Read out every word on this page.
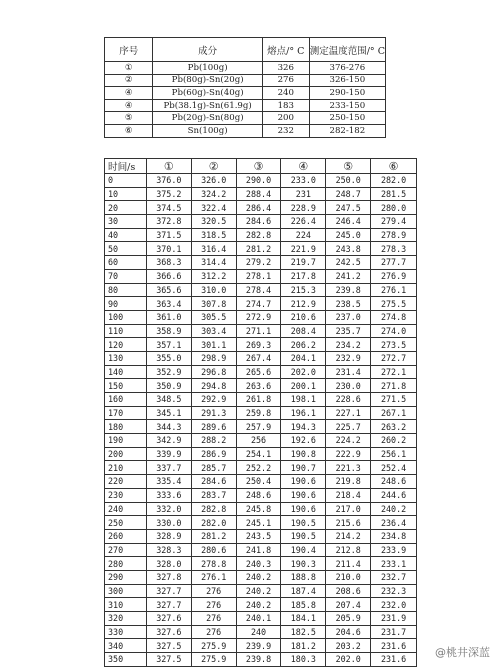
序号	成分	熔点/° C	测定温度范围/° C
①	Pb(100g)	326	376-276
②	Pb(80g)-Sn(20g)	276	326-150
④	Pb(60g)-Sn(40g)	240	290-150
④	Pb(38.1g)-Sn(61.9g)	183	233-150
⑤	Pb(20g)-Sn(80g)	200	250-150
⑥	Sn(100g)	232	282-182
时间/s	①	②	③	④	⑤	⑥
0	376.0	326.0	290.0	233.0	250.0	282.0
10	375.2	324.2	288.4	231	248.7	281.5
20	374.5	322.4	286.4	228.9	247.5	280.0
30	372.8	320.5	284.6	226.4	246.4	279.4
40	371.5	318.5	282.8	224	245.0	278.9
50	370.1	316.4	281.2	221.9	243.8	278.3
60	368.3	314.4	279.2	219.7	242.5	277.7
70	366.6	312.2	278.1	217.8	241.2	276.9
80	365.6	310.0	278.4	215.3	239.8	276.1
90	363.4	307.8	274.7	212.9	238.5	275.5
100	361.0	305.5	272.9	210.6	237.0	274.8
110	358.9	303.4	271.1	208.4	235.7	274.0
120	357.1	301.1	269.3	206.2	234.2	273.5
130	355.0	298.9	267.4	204.1	232.9	272.7
140	352.9	296.8	265.6	202.0	231.4	272.1
150	350.9	294.8	263.6	200.1	230.0	271.8
160	348.5	292.9	261.8	198.1	228.6	271.5
170	345.1	291.3	259.8	196.1	227.1	267.1
180	344.3	289.6	257.9	194.3	225.7	263.2
190	342.9	288.2	256	192.6	224.2	260.2
200	339.9	286.9	254.1	190.8	222.9	256.1
210	337.7	285.7	252.2	190.7	221.3	252.4
220	335.4	284.6	250.4	190.6	219.8	248.6
230	333.6	283.7	248.6	190.6	218.4	244.6
240	332.0	282.8	245.8	190.6	217.0	240.2
250	330.0	282.0	245.1	190.5	215.6	236.4
260	328.9	281.2	243.5	190.5	214.2	234.8
270	328.3	280.6	241.8	190.4	212.8	233.9
280	328.0	278.8	240.3	190.3	211.4	233.1
290	327.8	276.1	240.2	188.8	210.0	232.7
300	327.7	276	240.2	187.4	208.6	232.3
310	327.7	276	240.2	185.8	207.4	232.0
320	327.6	276	240.1	184.1	205.9	231.9
330	327.6	276	240	182.5	204.6	231.7
340	327.5	275.9	239.9	181.2	203.2	231.6
350	327.5	275.9	239.8	180.3	202.0	231.6
@桃井深蓝
